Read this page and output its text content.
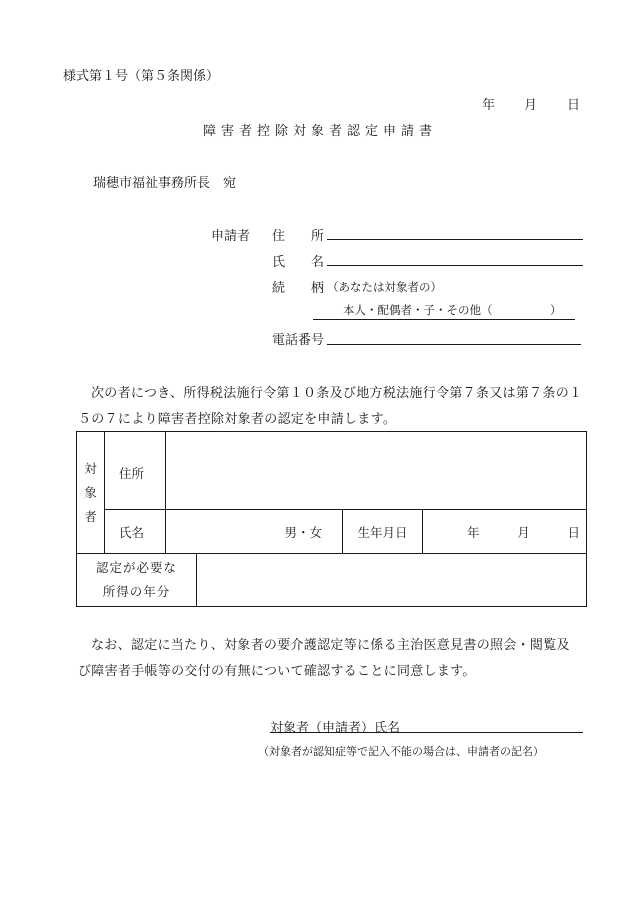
様式第１号（第５条関係）
年 月 日
障害者控除対象者認定申請書
瑞穂市福祉事務所長　宛
申請者 住　　所
氏　　名
続　　柄 （あなたは対象者の）
本人・配偶者・子・その他（　　　　　）
電話番号
次の者につき、所得税法施行令第１０条及び地方税法施行令第７条又は第７条の１５の７により障害者控除対象者の認定を申請します。
対
象
者	住所				
	氏名	男・女		生年月日	年 月 日

認定が必要な
所得の年分					

なお、認定に当たり、対象者の要介護認定等に係る主治医意見書の照会・閲覧及び障害者手帳等の交付の有無について確認することに同意します。
対象者（申請者）氏名
（対象者が認知症等で記入不能の場合は、申請者の記名）
